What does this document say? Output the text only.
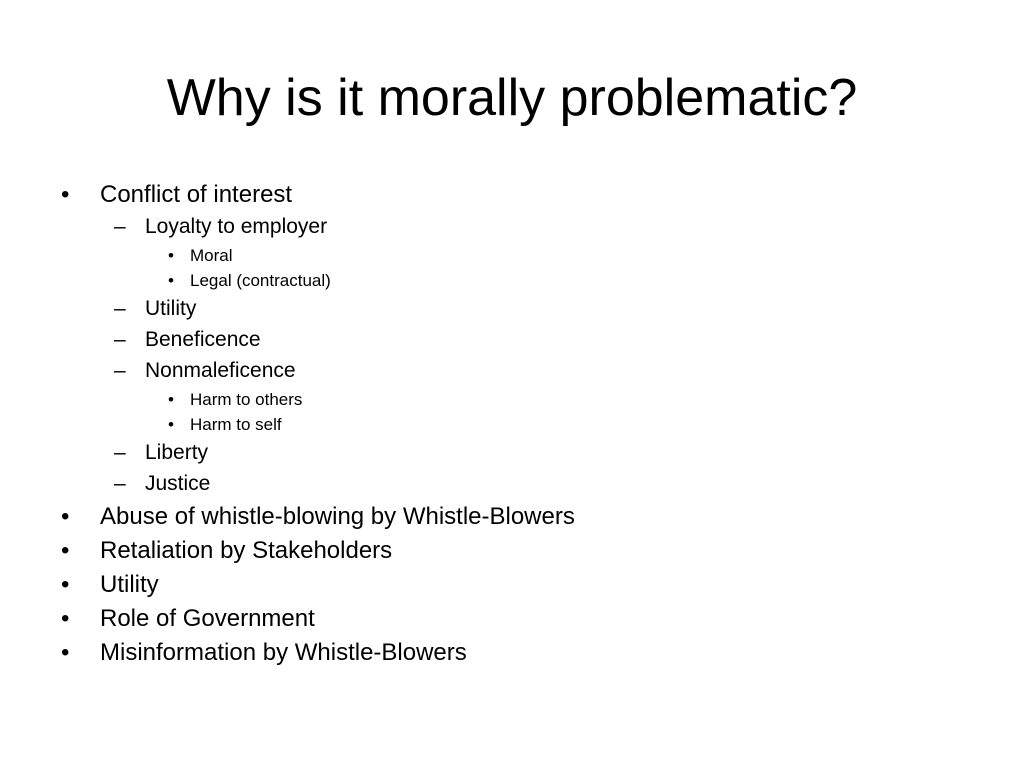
Why is it morally problematic?
• Conflict of interest
– Loyalty to employer
• Moral
• Legal (contractual)
– Utility
– Beneficence
– Nonmaleficence
• Harm to others
• Harm to self
– Liberty
– Justice
• Abuse of whistle-blowing by Whistle-Blowers
• Retaliation by Stakeholders
• Utility
• Role of Government
• Misinformation by Whistle-Blowers
